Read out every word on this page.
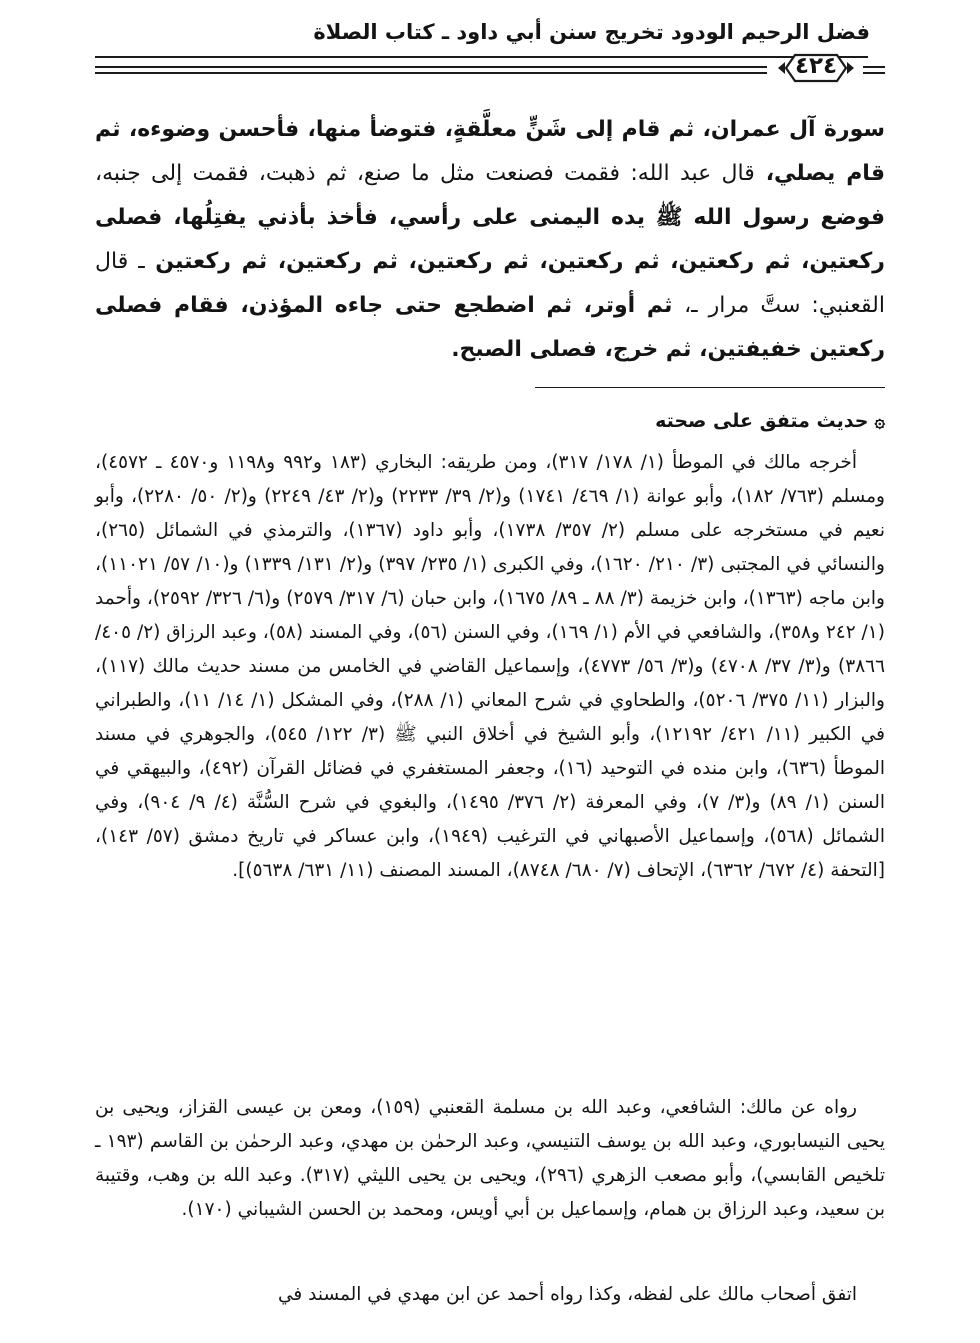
فضل الرحيم الودود تخريج سنن أبي داود ـ كتاب الصلاة
٤٢٤
سورة آل عمران، ثم قام إلى شَنٍّ معلَّقةٍ، فتوضأ منها، فأحسن وضوءه، ثم قام يصلي، قال عبد الله: فقمت فصنعت مثل ما صنع، ثم ذهبت، فقمت إلى جنبه، فوضع رسول الله ﷺ يده اليمنى على رأسي، فأخذ بأذني يفتِلُها، فصلى ركعتين، ثم ركعتين، ثم ركعتين، ثم ركعتين، ثم ركعتين، ثم ركعتين ـ قال القعنبي: ستَّ مرار ـ، ثم أوتر، ثم اضطجع حتى جاءه المؤذن، فقام فصلى ركعتين خفيفتين، ثم خرج، فصلى الصبح.
۞حديث متفق على صحته

أخرجه مالك في الموطأ (١/ ١٧٨/ ٣١٧)، ومن طريقه: البخاري (١٨٣ و٩٩٢ و١١٩٨ و٤٥٧٠ ـ ٤٥٧٢)، ومسلم (٧٦٣/ ١٨٢)، وأبو عوانة (١/ ٤٦٩/ ١٧٤١) و(٢/ ٣٩/ ٢٢٣٣) و(٢/ ٤٣/ ٢٢٤٩) و(٢/ ٥٠/ ٢٢٨٠)، وأبو نعيم في مستخرجه على مسلم (٢/ ٣٥٧/ ١٧٣٨)، وأبو داود (١٣٦٧)، والترمذي في الشمائل (٢٦٥)، والنسائي في المجتبى (٣/ ٢١٠/ ١٦٢٠)، وفي الكبرى (١/ ٢٣٥/ ٣٩٧) و(٢/ ١٣١/ ١٣٣٩) و(١٠/ ٥٧/ ١١٠٢١)، وابن ماجه (١٣٦٣)، وابن خزيمة (٣/ ٨٨ ـ ٨٩/ ١٦٧٥)، وابن حبان (٦/ ٣١٧/ ٢٥٧٩) و(٦/ ٣٢٦/ ٢٥٩٢)، وأحمد (١/ ٢٤٢ و٣٥٨)، والشافعي في الأم (١/ ١٦٩)، وفي السنن (٥٦)، وفي المسند (٥٨)، وعبد الرزاق (٢/ ٤٠٥/ ٣٨٦٦) و(٣/ ٣٧/ ٤٧٠٨) و(٣/ ٥٦/ ٤٧٧٣)، وإسماعيل القاضي في الخامس من مسند حديث مالك (١١٧)، والبزار (١١/ ٣٧٥/ ٥٢٠٦)، والطحاوي في شرح المعاني (١/ ٢٨٨)، وفي المشكل (١/ ١٤/ ١١)، والطبراني في الكبير (١١/ ٤٢١/ ١٢١٩٢)، وأبو الشيخ في أخلاق النبي ﷺ (٣/ ١٢٢/ ٥٤٥)، والجوهري في مسند الموطأ (٦٣٦)، وابن منده في التوحيد (١٦)، وجعفر المستغفري في فضائل القرآن (٤٩٢)، والبيهقي في السنن (١/ ٨٩) و(٣/ ٧)، وفي المعرفة (٢/ ٣٧٦/ ١٤٩٥)، والبغوي في شرح السُّنَّة (٤/ ٩/ ٩٠٤)، وفي الشمائل (٥٦٨)، وإسماعيل الأصبهاني في الترغيب (١٩٤٩)، وابن عساكر في تاريخ دمشق (٥٧/ ١٤٣)، [التحفة (٤/ ٦٧٢/ ٦٣٦٢)، الإتحاف (٧/ ٦٨٠/ ٨٧٤٨)، المسند المصنف (١١/ ٦٣١/ ٥٦٣٨)].

رواه عن مالك: الشافعي، وعبد الله بن مسلمة القعنبي (١٥٩)، ومعن بن عيسى القزاز، ويحيى بن يحيى النيسابوري، وعبد الله بن يوسف التنيسي، وعبد الرحمٰن بن مهدي، وعبد الرحمٰن بن القاسم (١٩٣ ـ تلخيص القابسي)، وأبو مصعب الزهري (٢٩٦)، ويحيى بن يحيى الليثي (٣١٧). وعبد الله بن وهب، وقتيبة بن سعيد، وعبد الرزاق بن همام، وإسماعيل بن أبي أويس، ومحمد بن الحسن الشيباني (١٧٠).

اتفق أصحاب مالك على لفظه، وكذا رواه أحمد عن ابن مهدي في المسند في
